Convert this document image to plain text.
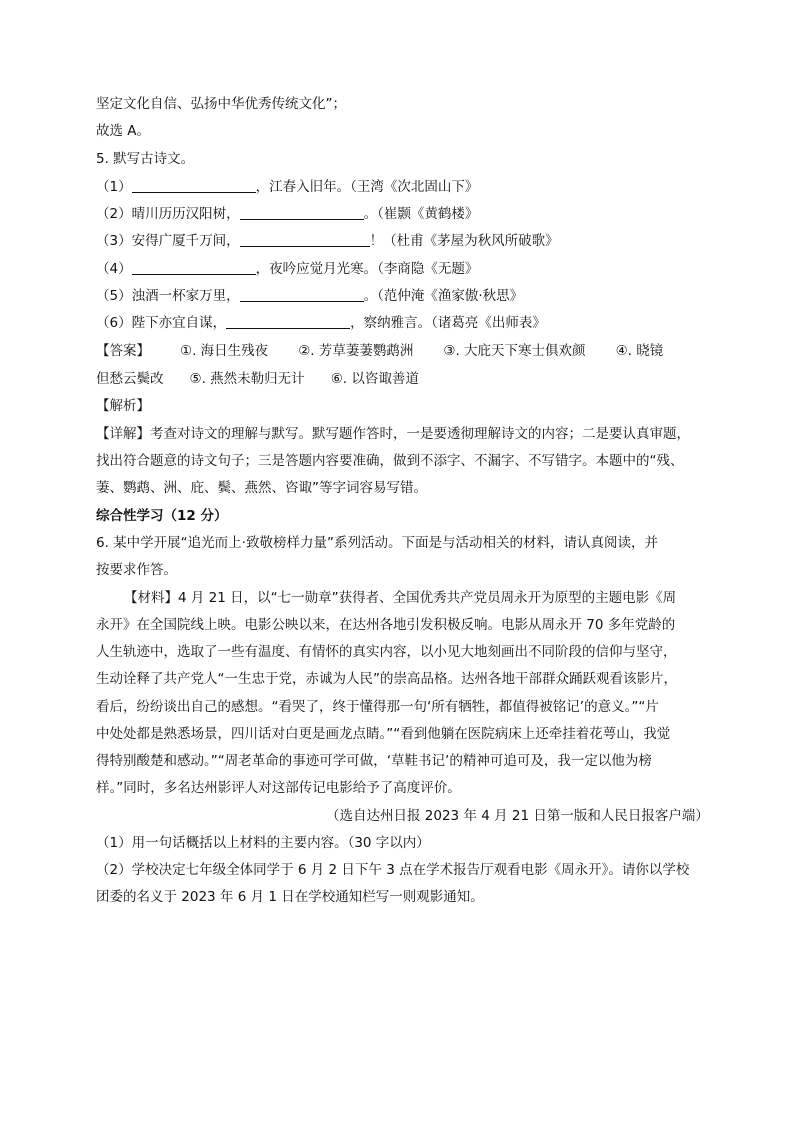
坚定文化自信、弘扬中华优秀传统文化”；
故选 A。
5. 默写古诗文。
（1）	，江春入旧年。（王湾《次北固山下》
（2）晴川历历汉阳树，	。（崔颢《黄鹤楼》
（3）安得广厦千万间，	！（杜甫《茅屋为秋风所破歌》
（4）	，夜吟应觉月光寒。（李商隐《无题》
（5）浊酒一杯家万里，	。（范仲淹《渔家傲·秋思》
（6）陛下亦宜自谋，	，察纳雅言。（诸葛亮《出师表》
【答案】 ①. 海日生残夜 ②. 芳草萋萋鹦鹉洲 ③. 大庇天下寒士俱欢颜 ④. 晓镜
但愁云鬓改 ⑤. 燕然未勒归无计 ⑥. 以咨诹善道
【解析】
【详解】考查对诗文的理解与默写。默写题作答时，一是要透彻理解诗文的内容；二是要认真审题，
找出符合题意的诗文句子；三是答题内容要准确，做到不添字、不漏字、不写错字。本题中的“残、
萋、鹦鹉、洲、庇、鬓、燕然、咨诹”等字词容易写错。
综合性学习（12 分）
6. 某中学开展“追光而上·致敬榜样力量”系列活动。下面是与活动相关的材料，请认真阅读，并
按要求作答。
【材料】4 月 21 日，以“七一勋章”获得者、全国优秀共产党员周永开为原型的主题电影《周
永开》在全国院线上映。电影公映以来，在达州各地引发积极反响。电影从周永开 70 多年党龄的
人生轨迹中，选取了一些有温度、有情怀的真实内容，以小见大地刻画出不同阶段的信仰与坚守，
生动诠释了共产党人“一生忠于党，赤诚为人民”的崇高品格。达州各地干部群众踊跃观看该影片，
看后，纷纷谈出自己的感想。“看哭了，终于懂得那一句‘所有牺牲，都值得被铭记’的意义。”“片
中处处都是熟悉场景，四川话对白更是画龙点睛。”“看到他躺在医院病床上还牵挂着花萼山，我觉
得特别酸楚和感动。”“周老革命的事迹可学可做，‘草鞋书记’的精神可追可及，我一定以他为榜
样。”同时，多名达州影评人对这部传记电影给予了高度评价。
（选自达州日报 2023 年 4 月 21 日第一版和人民日报客户端）
（1）用一句话概括以上材料的主要内容。（30 字以内）
（2）学校决定七年级全体同学于 6 月 2 日下午 3 点在学术报告厅观看电影《周永开》。请你以学校
团委的名义于 2023 年 6 月 1 日在学校通知栏写一则观影通知。
